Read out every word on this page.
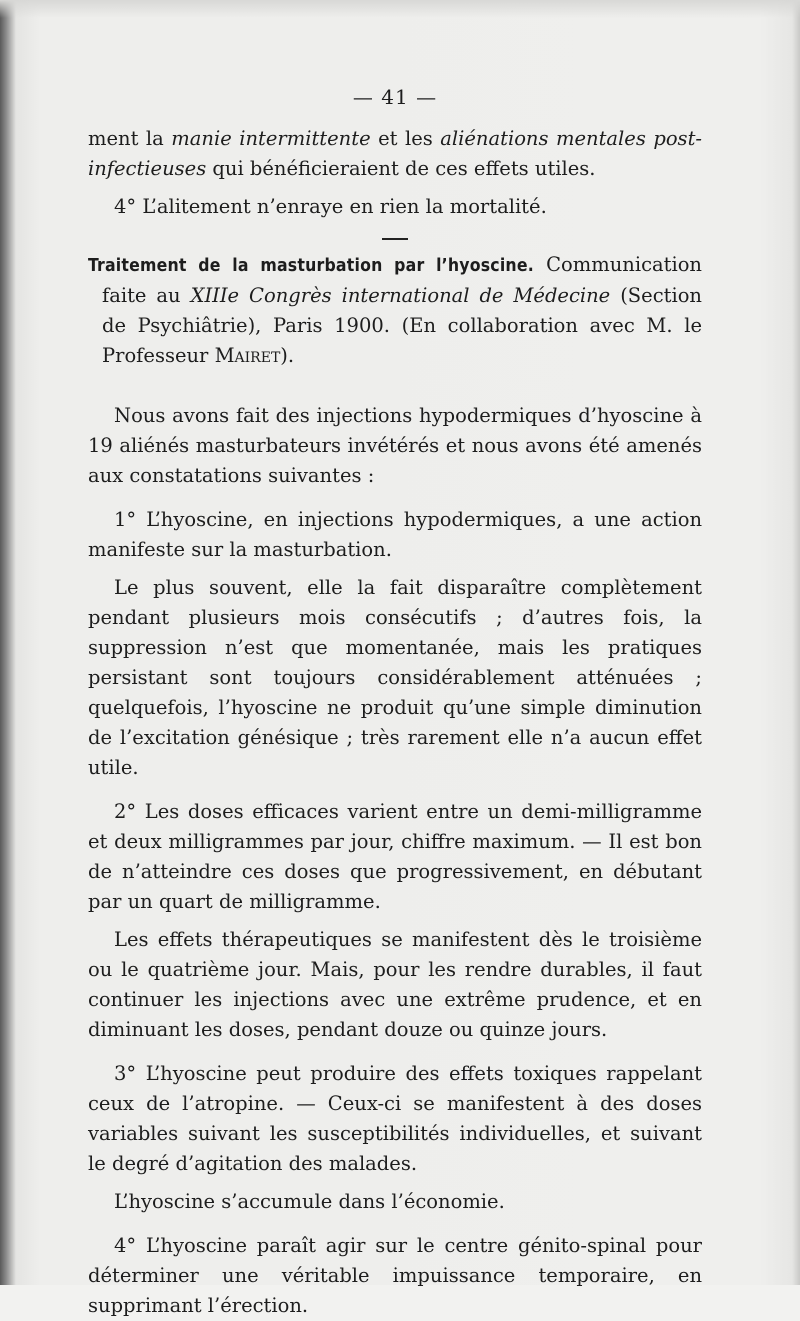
— 41 —

ment la manie intermittente et les aliénations mentales post-infectieuses qui bénéficieraient de ces effets utiles.

4° L’alitement n’enraye en rien la mortalité.

Traitement de la masturbation par l’hyoscine. Communication faite au XIIIe Congrès international de Médecine (Section de Psychiâtrie), Paris 1900. (En collaboration avec M. le Professeur Mairet).

Nous avons fait des injections hypodermiques d’hyoscine à 19 aliénés masturbateurs invétérés et nous avons été amenés aux constatations suivantes :

1° L’hyoscine, en injections hypodermiques, a une action manifeste sur la masturbation.

Le plus souvent, elle la fait disparaître complètement pendant plusieurs mois consécutifs ; d’autres fois, la suppression n’est que momentanée, mais les pratiques persistant sont toujours considérablement atténuées ; quelquefois, l’hyoscine ne produit qu’une simple diminution de l’excitation génésique ; très rarement elle n’a aucun effet utile.

2° Les doses efficaces varient entre un demi-milligramme et deux milligrammes par jour, chiffre maximum. — Il est bon de n’atteindre ces doses que progressivement, en débutant par un quart de milligramme.

Les effets thérapeutiques se manifestent dès le troisième ou le quatrième jour. Mais, pour les rendre durables, il faut continuer les injections avec une extrême prudence, et en diminuant les doses, pendant douze ou quinze jours.

3° L’hyoscine peut produire des effets toxiques rappelant ceux de l’atropine. — Ceux-ci se manifestent à des doses variables suivant les susceptibilités individuelles, et suivant le degré d’agitation des malades.

L’hyoscine s’accumule dans l’économie.

4° L’hyoscine paraît agir sur le centre génito-spinal pour déterminer une véritable impuissance temporaire, en supprimant l’érection.
